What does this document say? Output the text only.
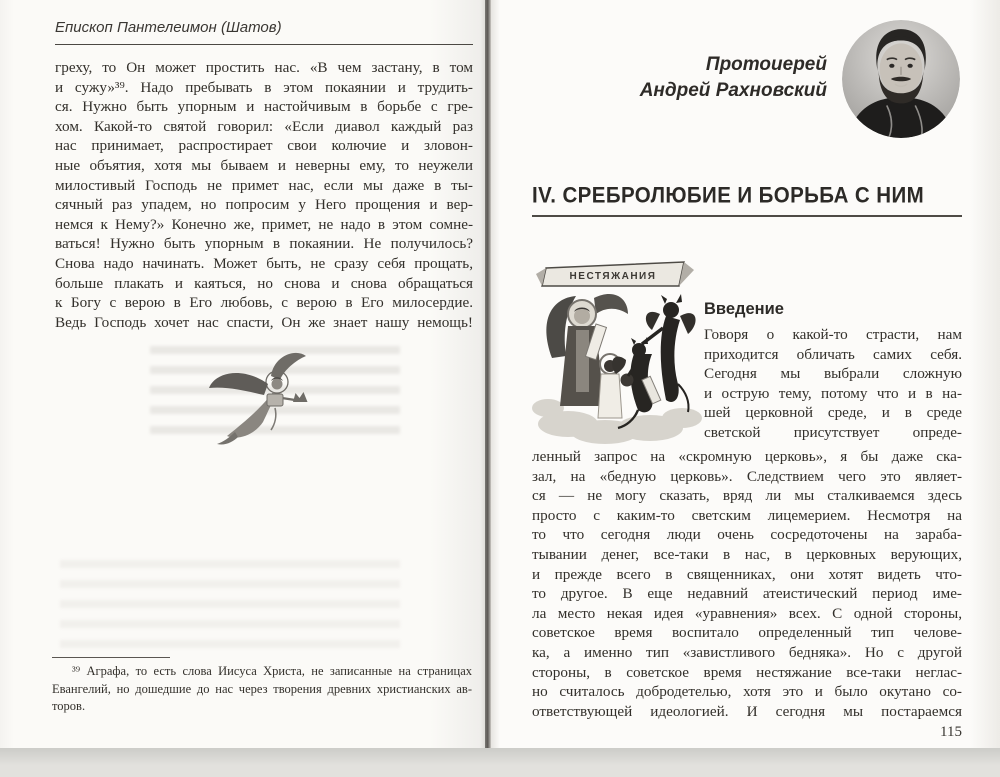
Епископ Пантелеимон (Шатов)
греху, то Он может простить нас. «В чем застану, в том
и сужу»³⁹. Надо пребывать в этом покаянии и трудить-
ся. Нужно быть упорным и настойчивым в борьбе с гре-
хом. Какой-то святой говорил: «Если диавол каждый раз
нас принимает, распростирает свои колючие и зловон-
ные объятия, хотя мы бываем и неверны ему, то неужели
милостивый Господь не примет нас, если мы даже в ты-
сячный раз упадем, но попросим у Него прощения и вер-
немся к Нему?» Конечно же, примет, не надо в этом сомне-
ваться! Нужно быть упорным в покаянии. Не получилось?
Снова надо начинать. Может быть, не сразу себя прощать,
больше плакать и каяться, но снова и снова обращаться
к Богу с верою в Его любовь, с верою в Его милосердие.
Ведь Господь хочет нас спасти, Он же знает нашу немощь!
³⁹ Аграфа, то есть слова Иисуса Христа, не записанные на страницах
Евангелий, но дошедшие до нас через творения древних христианских ав-
торов.
Протоиерей
Андрей Рахновский
IV. СРЕБРОЛЮБИЕ И БОРЬБА С НИМ
НЕСТЯЖАНИЯ
Введение
Говоря о какой-то страсти, нам
приходится обличать самих себя.
Сегодня мы выбрали сложную
и острую тему, потому что и в на-
шей церковной среде, и в среде
светской присутствует опреде-
ленный запрос на «скромную церковь», я бы даже ска-
зал, на «бедную церковь». Следствием чего это являет-
ся — не могу сказать, вряд ли мы сталкиваемся здесь
просто с каким-то светским лицемерием. Несмотря на
то что сегодня люди очень сосредоточены на зараба-
тывании денег, все-таки в нас, в церковных верующих,
и прежде всего в священниках, они хотят видеть что-
то другое. В еще недавний атеистический период име-
ла место некая идея «уравнения» всех. С одной стороны,
советское время воспитало определенный тип челове-
ка, а именно тип «завистливого бедняка». Но с другой
стороны, в советское время нестяжание все-таки неглас-
но считалось добродетелью, хотя это и было окутано со-
ответствующей идеологией. И сегодня мы постараемся
115
